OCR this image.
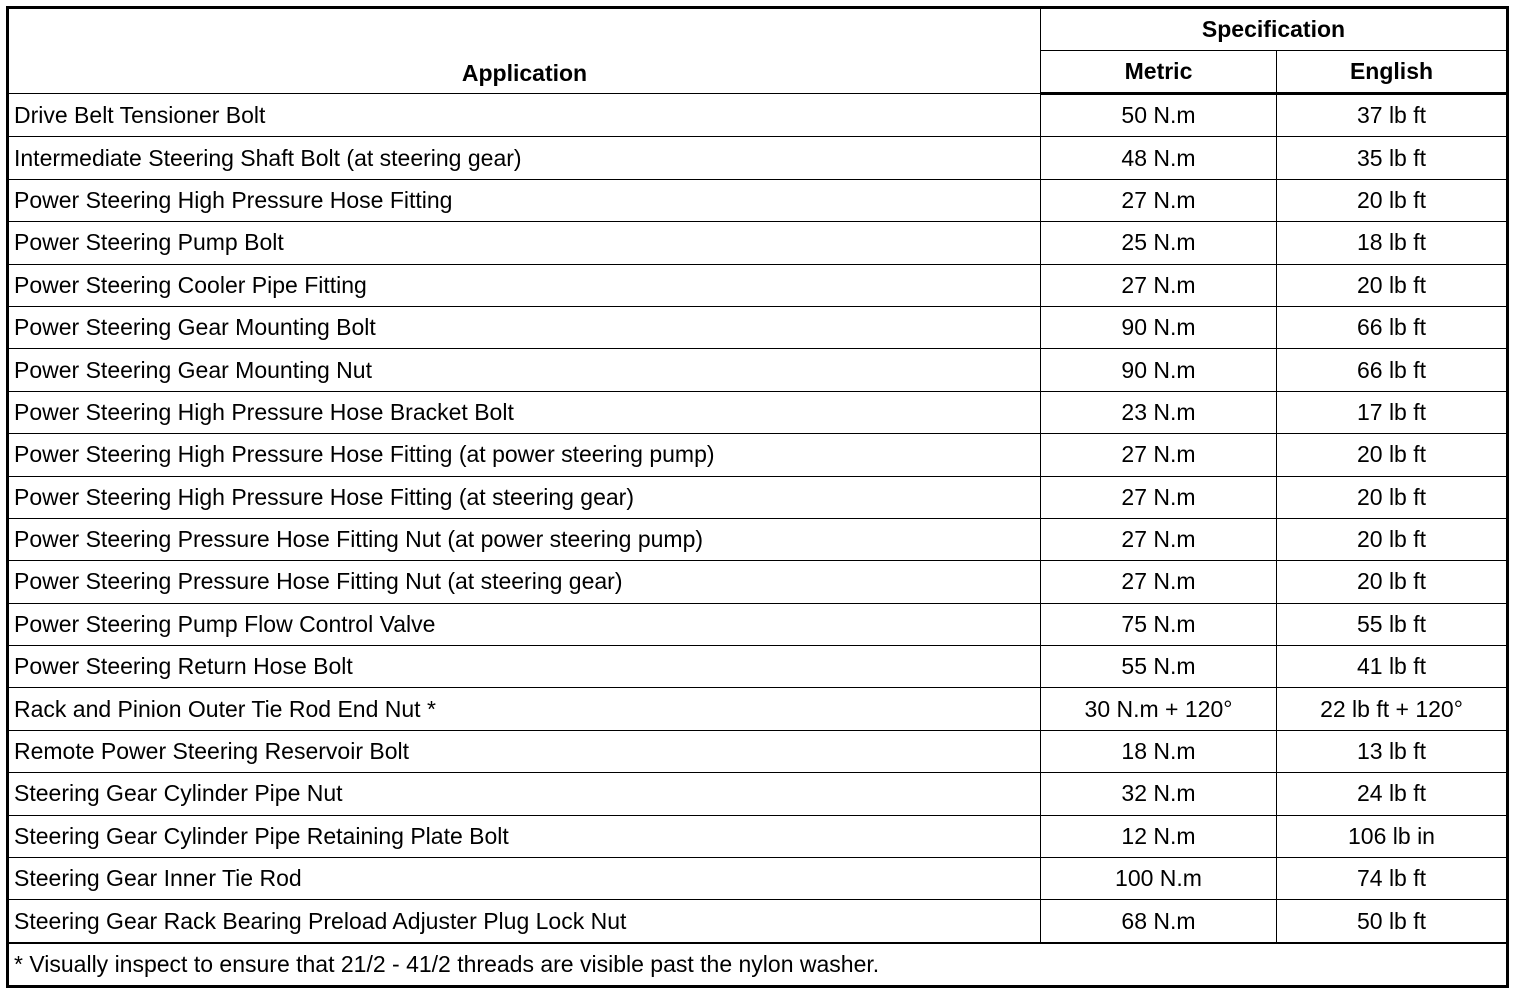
Application	Specification	
	Metric	English
Drive Belt Tensioner Bolt	50 N.m	37 lb ft
Intermediate Steering Shaft Bolt (at steering gear)	48 N.m	35 lb ft
Power Steering High Pressure Hose Fitting	27 N.m	20 lb ft
Power Steering Pump Bolt	25 N.m	18 lb ft
Power Steering Cooler Pipe Fitting	27 N.m	20 lb ft
Power Steering Gear Mounting Bolt	90 N.m	66 lb ft
Power Steering Gear Mounting Nut	90 N.m	66 lb ft
Power Steering High Pressure Hose Bracket Bolt	23 N.m	17 lb ft
Power Steering High Pressure Hose Fitting (at power steering pump)	27 N.m	20 lb ft
Power Steering High Pressure Hose Fitting (at steering gear)	27 N.m	20 lb ft
Power Steering Pressure Hose Fitting Nut (at power steering pump)	27 N.m	20 lb ft
Power Steering Pressure Hose Fitting Nut (at steering gear)	27 N.m	20 lb ft
Power Steering Pump Flow Control Valve	75 N.m	55 lb ft
Power Steering Return Hose Bolt	55 N.m	41 lb ft
Rack and Pinion Outer Tie Rod End Nut *	30 N.m + 120°	22 lb ft + 120°
Remote Power Steering Reservoir Bolt	18 N.m	13 lb ft
Steering Gear Cylinder Pipe Nut	32 N.m	24 lb ft
Steering Gear Cylinder Pipe Retaining Plate Bolt	12 N.m	106 lb in
Steering Gear Inner Tie Rod	100 N.m	74 lb ft
Steering Gear Rack Bearing Preload Adjuster Plug Lock Nut	68 N.m	50 lb ft
* Visually inspect to ensure that 21/2 - 41/2 threads are visible past the nylon washer.		
